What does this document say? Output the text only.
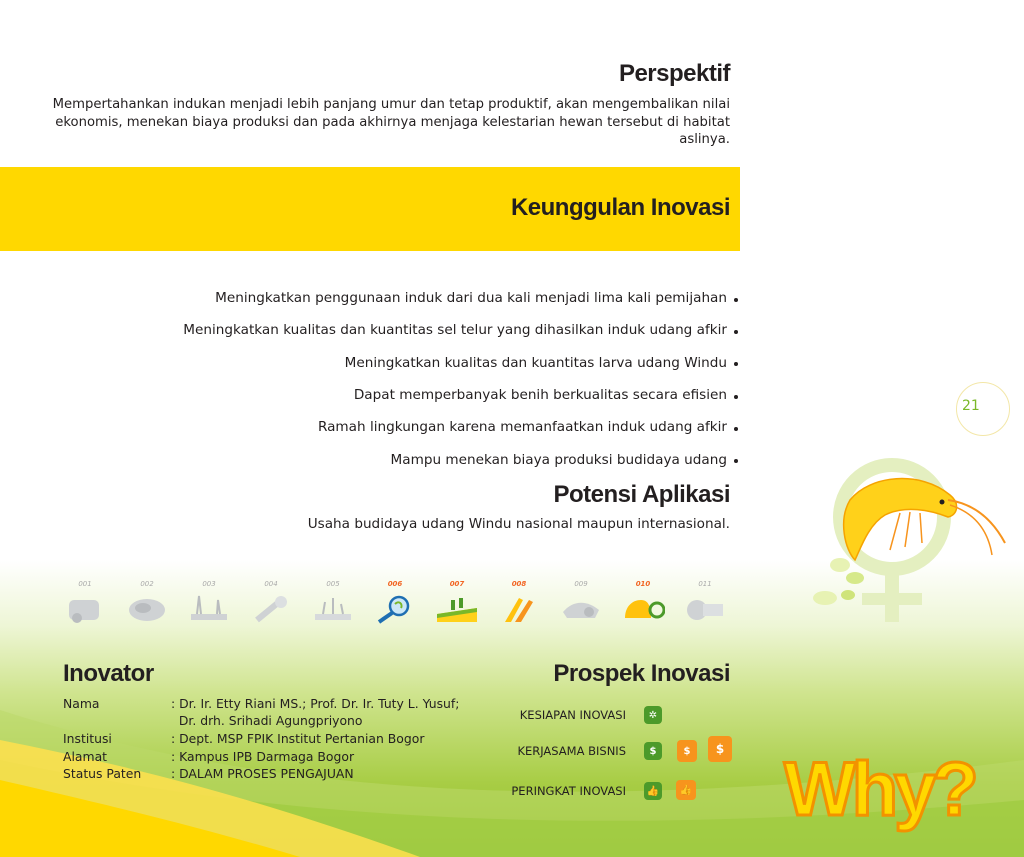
Perspektif

Mempertahankan indukan menjadi lebih panjang umur dan tetap produktif, akan mengembalikan nilai ekonomis, menekan biaya produksi dan pada akhirnya menjaga kelestarian hewan tersebut di habitat aslinya.

Keunggulan Inovasi
Meningkatkan penggunaan induk dari dua kali menjadi lima kali pemijahan
Meningkatkan kualitas dan kuantitas sel telur yang dihasilkan induk udang afkir
Meningkatkan kualitas dan kuantitas larva udang Windu
Dapat memperbanyak benih berkualitas secara efisien
Ramah lingkungan karena memanfaatkan induk udang afkir
Mampu menekan biaya produksi budidaya udang
Potensi Aplikasi

Usaha budidaya udang Windu nasional maupun internasional.

21
001	002	003	004	005	006	007	008	009	010	011
Inovator
Nama	: Dr. Ir. Etty Riani MS.; Prof. Dr. Ir. Tuty L. Yusuf;
Dr. drh. Srihadi Agungpriyono
Institusi	: Dept. MSP FPIK Institut Pertanian Bogor
Alamat	: Kampus IPB Darmaga Bogor
Status Paten	: DALAM PROSES PENGAJUAN
Prospek Inovasi
KESIAPAN INOVASI	✲
KERJASAMA BISNIS	$	$	$
PERINGKAT INOVASI 👍	👍 Why?
